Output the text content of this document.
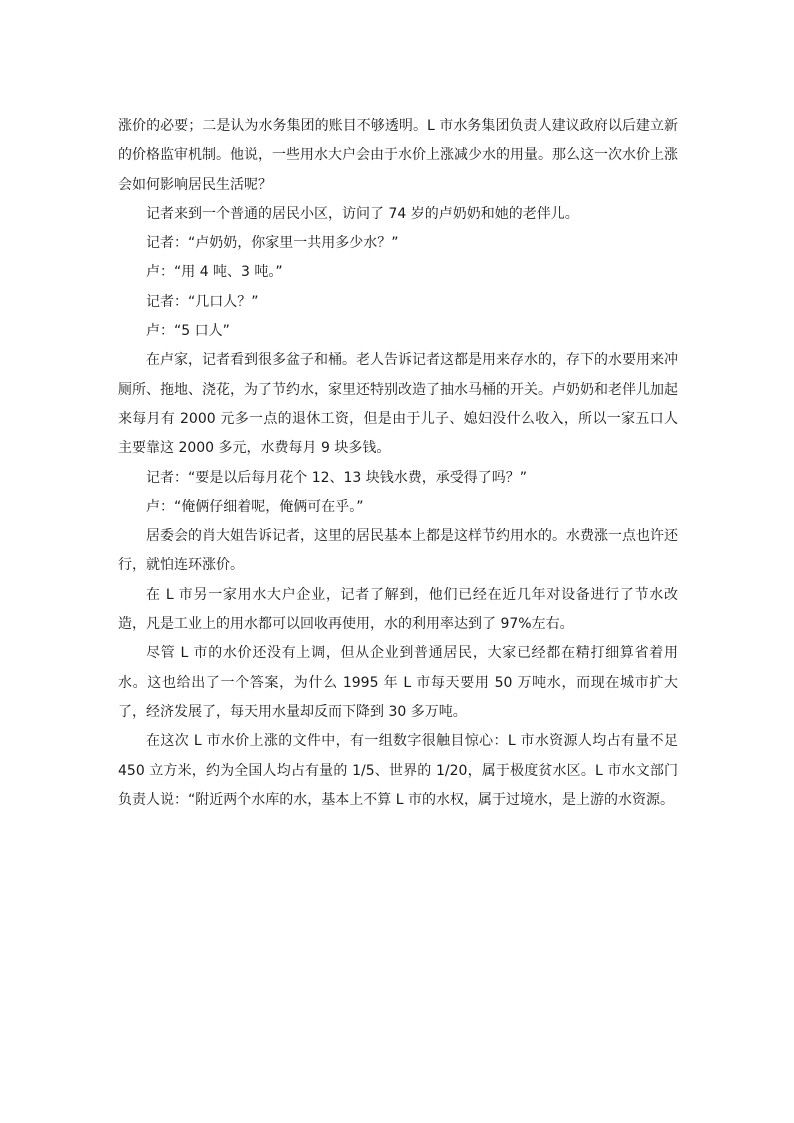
涨价的必要；二是认为水务集团的账目不够透明。L 市水务集团负责人建议政府以后建立新的价格监审机制。他说，一些用水大户会由于水价上涨减少水的用量。那么这一次水价上涨会如何影响居民生活呢？

记者来到一个普通的居民小区，访问了 74 岁的卢奶奶和她的老伴儿。

记者：“卢奶奶，你家里一共用多少水？”

卢：“用 4 吨、3 吨。”

记者：“几口人？”

卢：“5 口人”

在卢家，记者看到很多盆子和桶。老人告诉记者这都是用来存水的，存下的水要用来冲厕所、拖地、浇花，为了节约水，家里还特别改造了抽水马桶的开关。卢奶奶和老伴儿加起来每月有 2000 元多一点的退休工资，但是由于儿子、媳妇没什么收入，所以一家五口人主要靠这 2000 多元，水费每月 9 块多钱。

记者：“要是以后每月花个 12、13 块钱水费，承受得了吗？”

卢：“俺俩仔细着呢，俺俩可在乎。”

居委会的肖大姐告诉记者，这里的居民基本上都是这样节约用水的。水费涨一点也许还行，就怕连环涨价。

在 L 市另一家用水大户企业，记者了解到，他们已经在近几年对设备进行了节水改造，凡是工业上的用水都可以回收再使用，水的利用率达到了 97%左右。

尽管 L 市的水价还没有上调，但从企业到普通居民，大家已经都在精打细算省着用水。这也给出了一个答案，为什么 1995 年 L 市每天要用 50 万吨水，而现在城市扩大了，经济发展了，每天用水量却反而下降到 30 多万吨。

在这次 L 市水价上涨的文件中，有一组数字很触目惊心：L 市水资源人均占有量不足 450 立方米，约为全国人均占有量的 1/5、世界的 1/20，属于极度贫水区。L 市水文部门负责人说：“附近两个水库的水，基本上不算 L 市的水权，属于过境水，是上游的水资源。
